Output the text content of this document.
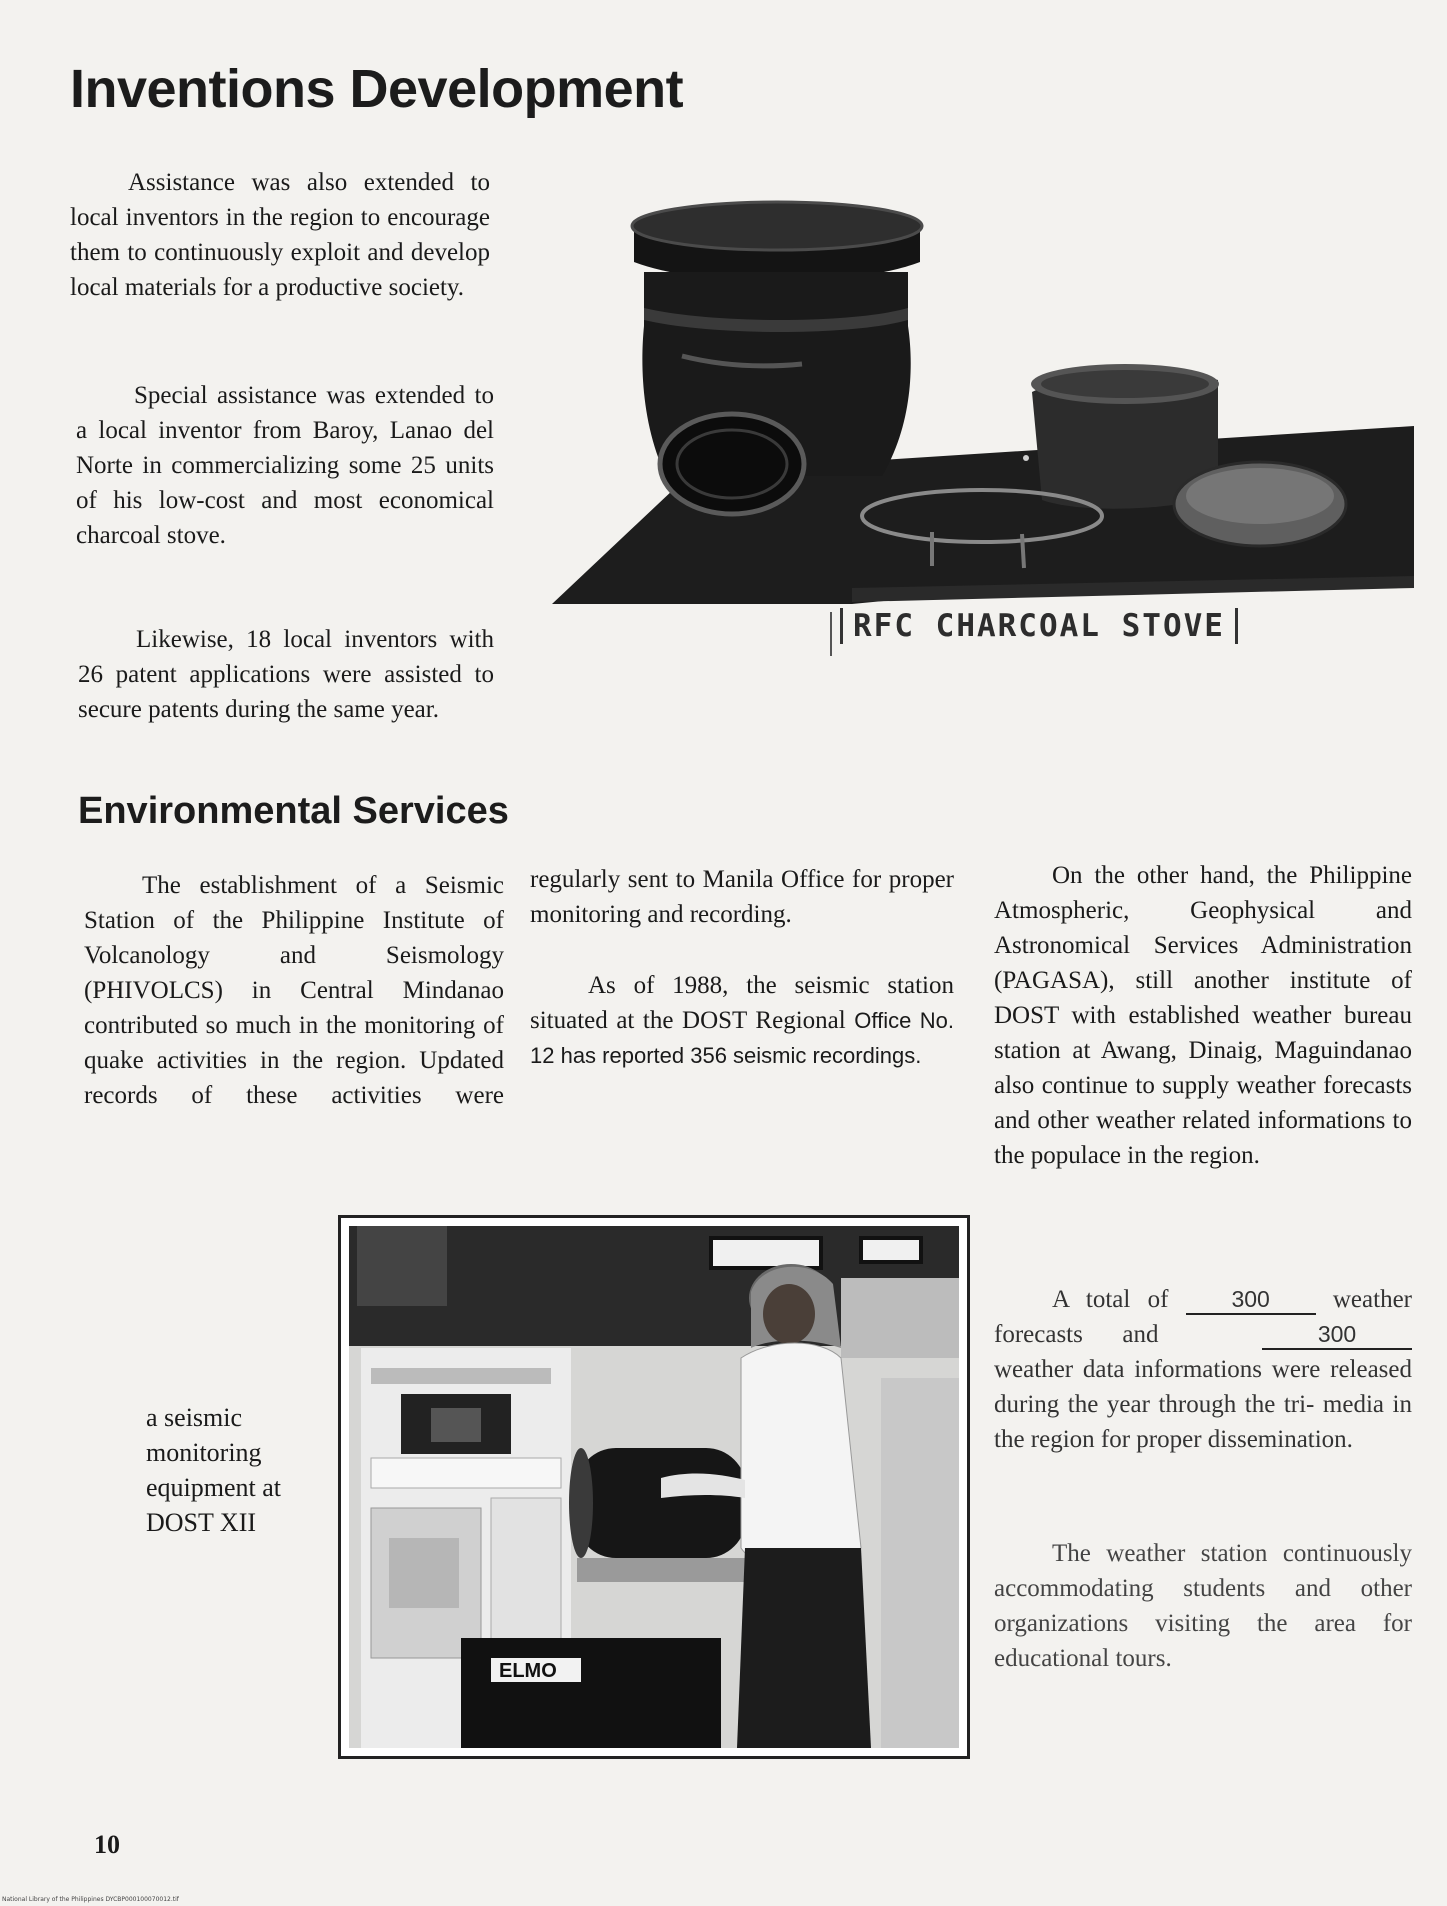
Inventions Development

Assistance was also extended to local inventors in the region to encourage them to continuously exploit and develop local materials for a productive society.

Special assistance was extended to a local inventor from Baroy, Lanao del Norte in commercializing some 25 units of his low-cost and most economical charcoal stove.

Likewise, 18 local inventors with 26 patent applications were assisted to secure patents during the same year.

RFC CHARCOAL STOVE
Environmental Services

The establishment of a Seismic Station of the Philippine Institute of Volcanology and Seismology (PHIVOLCS) in Central Mindanao contributed so much in the monitoring of quake activities in the region. Updated records of these activities were

regularly sent to Manila Office for proper monitoring and recording.

As of 1988, the seismic station situated at the DOST Regional Office No. 12 has reported 356 seismic recordings.

On the other hand, the Philippine Atmospheric, Geophysical and Astronomical Services Administration (PAGASA), still another institute of DOST with established weather bureau station at Awang, Dinaig, Maguindanao also continue to supply weather forecasts and other weather related informations to the populace in the region.

A total of	300	weather forecasts and	300 weather data informations were released during the year through the tri- media in the region for proper dissemination.

The weather station continuously accommodating students and other organizations visiting the area for educational tours.

a seismic monitoring equipment at DOST XII
ELMO
10
National Library of the Philippines DYCBP000100070012.tif
